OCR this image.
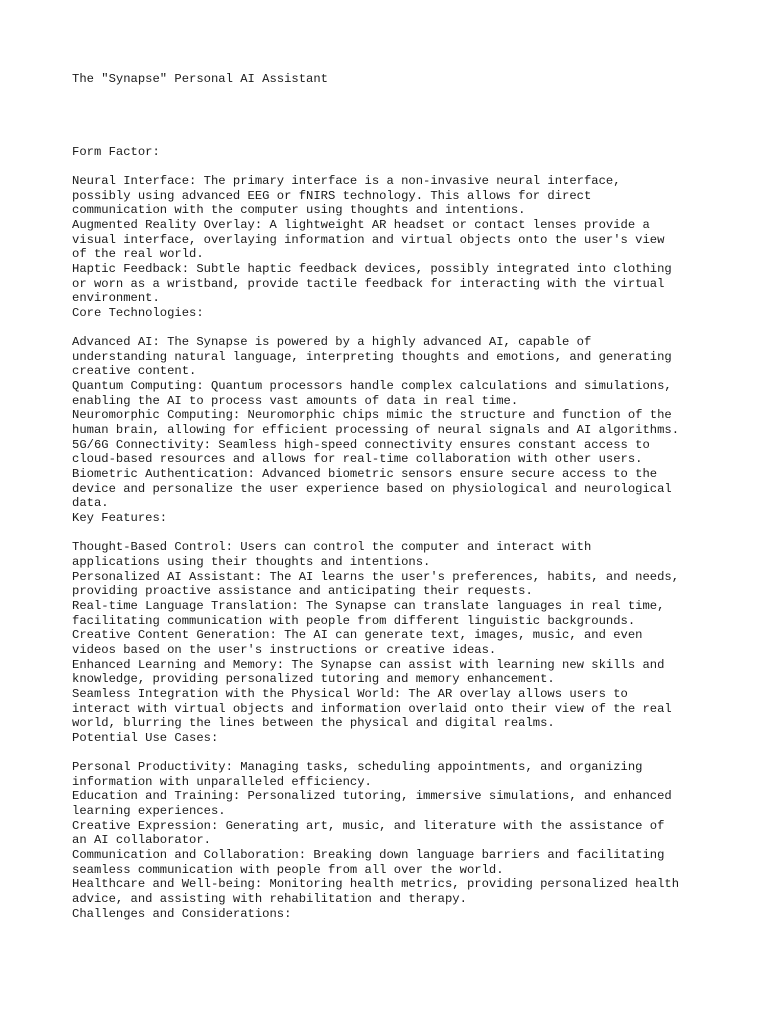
The "Synapse" Personal AI Assistant
Form Factor:
Neural Interface: The primary interface is a non-invasive neural interface,
possibly using advanced EEG or fNIRS technology. This allows for direct
communication with the computer using thoughts and intentions.
Augmented Reality Overlay: A lightweight AR headset or contact lenses provide a
visual interface, overlaying information and virtual objects onto the user's view
of the real world.
Haptic Feedback: Subtle haptic feedback devices, possibly integrated into clothing
or worn as a wristband, provide tactile feedback for interacting with the virtual
environment.
Core Technologies:
Advanced AI: The Synapse is powered by a highly advanced AI, capable of
understanding natural language, interpreting thoughts and emotions, and generating
creative content.
Quantum Computing: Quantum processors handle complex calculations and simulations,
enabling the AI to process vast amounts of data in real time.
Neuromorphic Computing: Neuromorphic chips mimic the structure and function of the
human brain, allowing for efficient processing of neural signals and AI algorithms.
5G/6G Connectivity: Seamless high-speed connectivity ensures constant access to
cloud-based resources and allows for real-time collaboration with other users.
Biometric Authentication: Advanced biometric sensors ensure secure access to the
device and personalize the user experience based on physiological and neurological
data.
Key Features:
Thought-Based Control: Users can control the computer and interact with
applications using their thoughts and intentions.
Personalized AI Assistant: The AI learns the user's preferences, habits, and needs,
providing proactive assistance and anticipating their requests.
Real-time Language Translation: The Synapse can translate languages in real time,
facilitating communication with people from different linguistic backgrounds.
Creative Content Generation: The AI can generate text, images, music, and even
videos based on the user's instructions or creative ideas.
Enhanced Learning and Memory: The Synapse can assist with learning new skills and
knowledge, providing personalized tutoring and memory enhancement.
Seamless Integration with the Physical World: The AR overlay allows users to
interact with virtual objects and information overlaid onto their view of the real
world, blurring the lines between the physical and digital realms.
Potential Use Cases:
Personal Productivity: Managing tasks, scheduling appointments, and organizing
information with unparalleled efficiency.
Education and Training: Personalized tutoring, immersive simulations, and enhanced
learning experiences.
Creative Expression: Generating art, music, and literature with the assistance of
an AI collaborator.
Communication and Collaboration: Breaking down language barriers and facilitating
seamless communication with people from all over the world.
Healthcare and Well-being: Monitoring health metrics, providing personalized health
advice, and assisting with rehabilitation and therapy.
Challenges and Considerations:
